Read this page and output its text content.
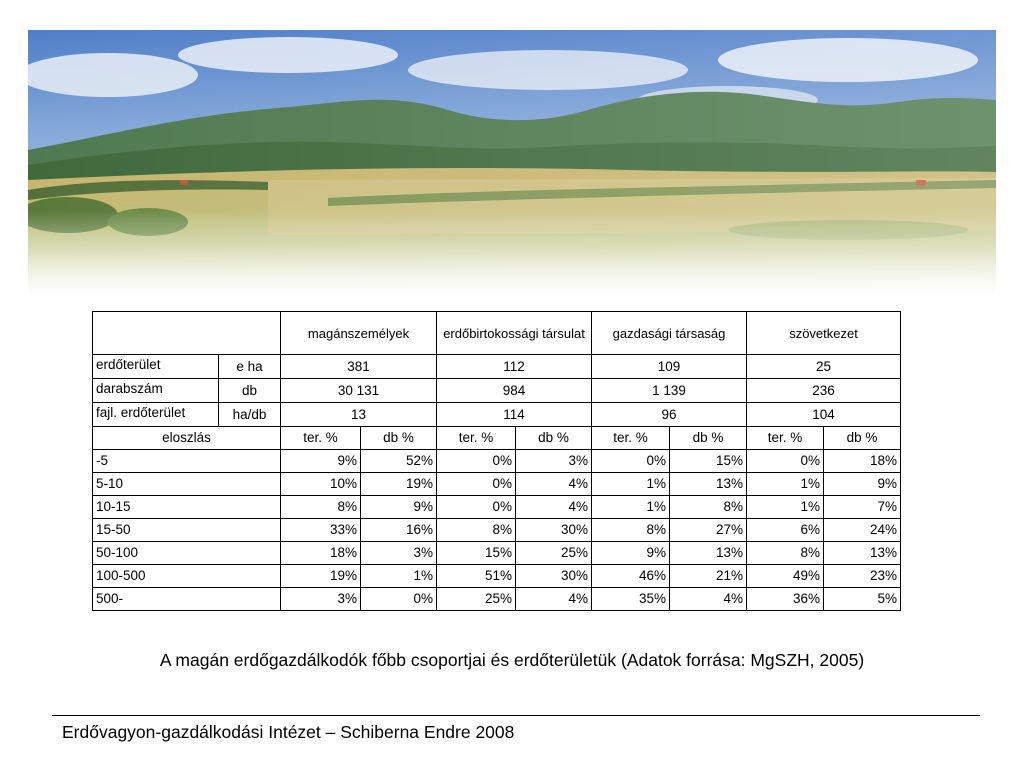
		magánszemélyek		erdőbirtokossági társulat		gazdasági társaság		szövetkezet	
erdőterület	e ha	381		112		109		25	
darabszám	db	30 131		984		1 139		236	
fajl. erdőterület	ha/db	13		114		96		104	
eloszlás		ter. %	db %	ter. %	db %	ter. %	db %	ter. %	db %
-5		9%	52%	0%	3%	0%	15%	0%	18%
5-10		10%	19%	0%	4%	1%	13%	1%	9%
10-15		8%	9%	0%	4%	1%	8%	1%	7%
15-50		33%	16%	8%	30%	8%	27%	6%	24%
50-100		18%	3%	15%	25%	9%	13%	8%	13%
100-500		19%	1%	51%	30%	46%	21%	49%	23%
500-		3%	0%	25%	4%	35%	4%	36%	5%
A magán erdőgazdálkodók főbb csoportjai és erdőterületük (Adatok forrása: MgSZH, 2005)
Erdővagyon-gazdálkodási Intézet – Schiberna Endre 2008
